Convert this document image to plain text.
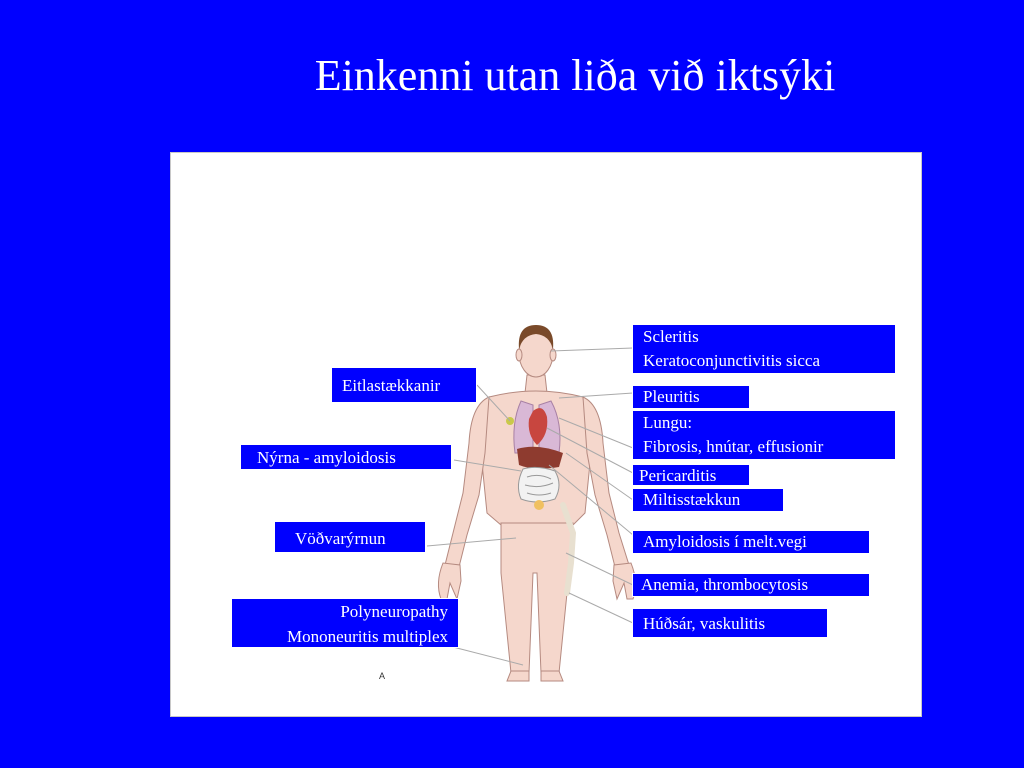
Einkenni utan liða við iktsýki
A
Scleritis
Keratoconjunctivitis sicca
Pleuritis
Lungu:
Fibrosis, hnútar, effusionir
Pericarditis
Miltisstækkun
Amyloidosis í melt.vegi
Anemia, thrombocytosis
Húðsár, vaskulitis
Eitlastækkanir
Nýrna - amyloidosis
Vöðvarýrnun
Polyneuropathy
Mononeuritis multiplex
